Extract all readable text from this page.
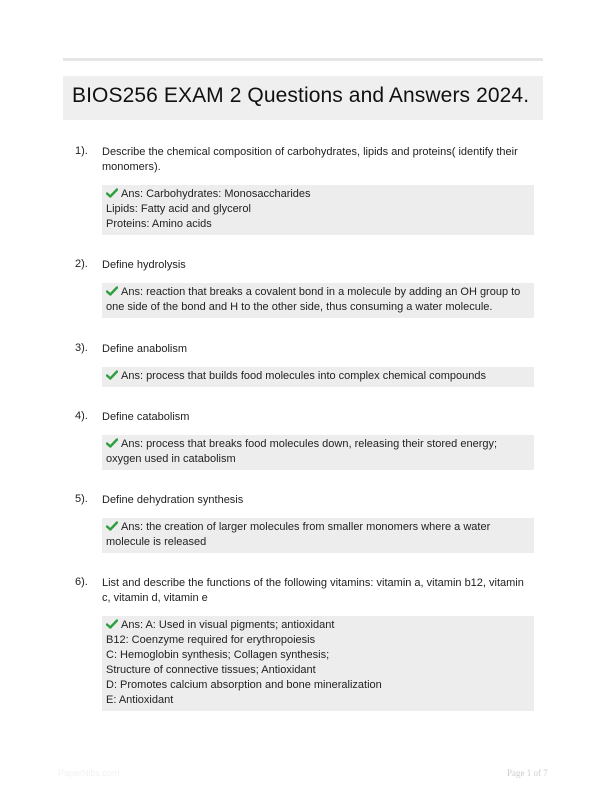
BIOS256 EXAM 2 Questions and Answers 2024.
1). Describe the chemical composition of carbohydrates, lipids and proteins( identify their monomers).
Ans: Carbohydrates: Monosaccharides
Lipids: Fatty acid and glycerol
Proteins: Amino acids
2). Define hydrolysis
Ans: reaction that breaks a covalent bond in a molecule by adding an OH group to one side of the bond and H to the other side, thus consuming a water molecule.
3). Define anabolism
Ans: process that builds food molecules into complex chemical compounds
4). Define catabolism
Ans: process that breaks food molecules down, releasing their stored energy; oxygen used in catabolism
5). Define dehydration synthesis
Ans: the creation of larger molecules from smaller monomers where a water molecule is released
6). List and describe the functions of the following vitamins: vitamin a, vitamin b12, vitamin c, vitamin d, vitamin e
Ans: A: Used in visual pigments; antioxidant
B12: Coenzyme required for erythropoiesis
C: Hemoglobin synthesis; Collagen synthesis;
Structure of connective tissues; Antioxidant
D: Promotes calcium absorption and bone mineralization
E: Antioxidant
PaperNibs.com	Page 1 of 7
